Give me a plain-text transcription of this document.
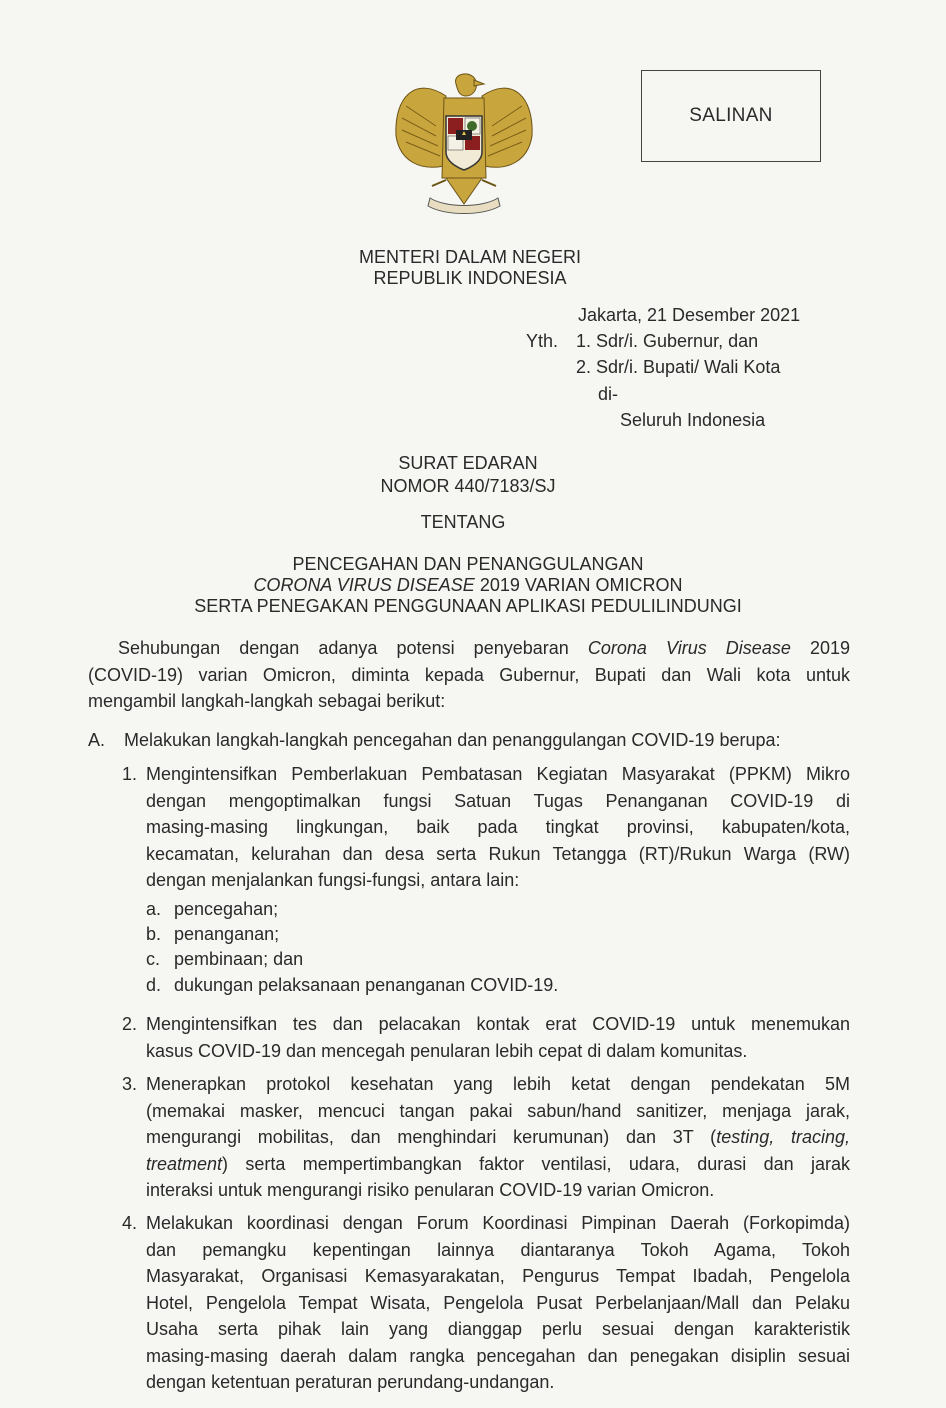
SALINAN
MENTERI DALAM NEGERI
REPUBLIK INDONESIA
Jakarta, 21 Desember 2021
Yth. 1. Sdr/i. Gubernur, dan
2. Sdr/i. Bupati/ Wali Kota
di-
Seluruh Indonesia
SURAT EDARAN
NOMOR 440/7183/SJ
TENTANG
PENCEGAHAN DAN PENANGGULANGAN
CORONA VIRUS DISEASE 2019 VARIAN OMICRON
SERTA PENEGAKAN PENGGUNAAN APLIKASI PEDULILINDUNGI
Sehubungan dengan adanya potensi penyebaran Corona Virus Disease 2019
(COVID-19) varian Omicron, diminta kepada Gubernur, Bupati dan Wali kota untuk
mengambil langkah-langkah sebagai berikut:
A. Melakukan langkah-langkah pencegahan dan penanggulangan COVID-19 berupa:
1. Mengintensifkan Pemberlakuan Pembatasan Kegiatan Masyarakat (PPKM) Mikro
dengan mengoptimalkan fungsi Satuan Tugas Penanganan COVID-19 di
masing-masing lingkungan, baik pada tingkat provinsi, kabupaten/kota,
kecamatan, kelurahan dan desa serta Rukun Tetangga (RT)/Rukun Warga (RW)
dengan menjalankan fungsi-fungsi, antara lain:
a. pencegahan;
b. penanganan;
c. pembinaan; dan
d. dukungan pelaksanaan penanganan COVID-19.
2. Mengintensifkan tes dan pelacakan kontak erat COVID-19 untuk menemukan
kasus COVID-19 dan mencegah penularan lebih cepat di dalam komunitas.
3. Menerapkan protokol kesehatan yang lebih ketat dengan pendekatan 5M
(memakai masker, mencuci tangan pakai sabun/hand sanitizer, menjaga jarak,
mengurangi mobilitas, dan menghindari kerumunan) dan 3T (testing, tracing,
treatment) serta mempertimbangkan faktor ventilasi, udara, durasi dan jarak
interaksi untuk mengurangi risiko penularan COVID-19 varian Omicron.
4. Melakukan koordinasi dengan Forum Koordinasi Pimpinan Daerah (Forkopimda)
dan pemangku kepentingan lainnya diantaranya Tokoh Agama, Tokoh
Masyarakat, Organisasi Kemasyarakatan, Pengurus Tempat Ibadah, Pengelola
Hotel, Pengelola Tempat Wisata, Pengelola Pusat Perbelanjaan/Mall dan Pelaku
Usaha serta pihak lain yang dianggap perlu sesuai dengan karakteristik
masing-masing daerah dalam rangka pencegahan dan penegakan disiplin sesuai
dengan ketentuan peraturan perundang-undangan.
